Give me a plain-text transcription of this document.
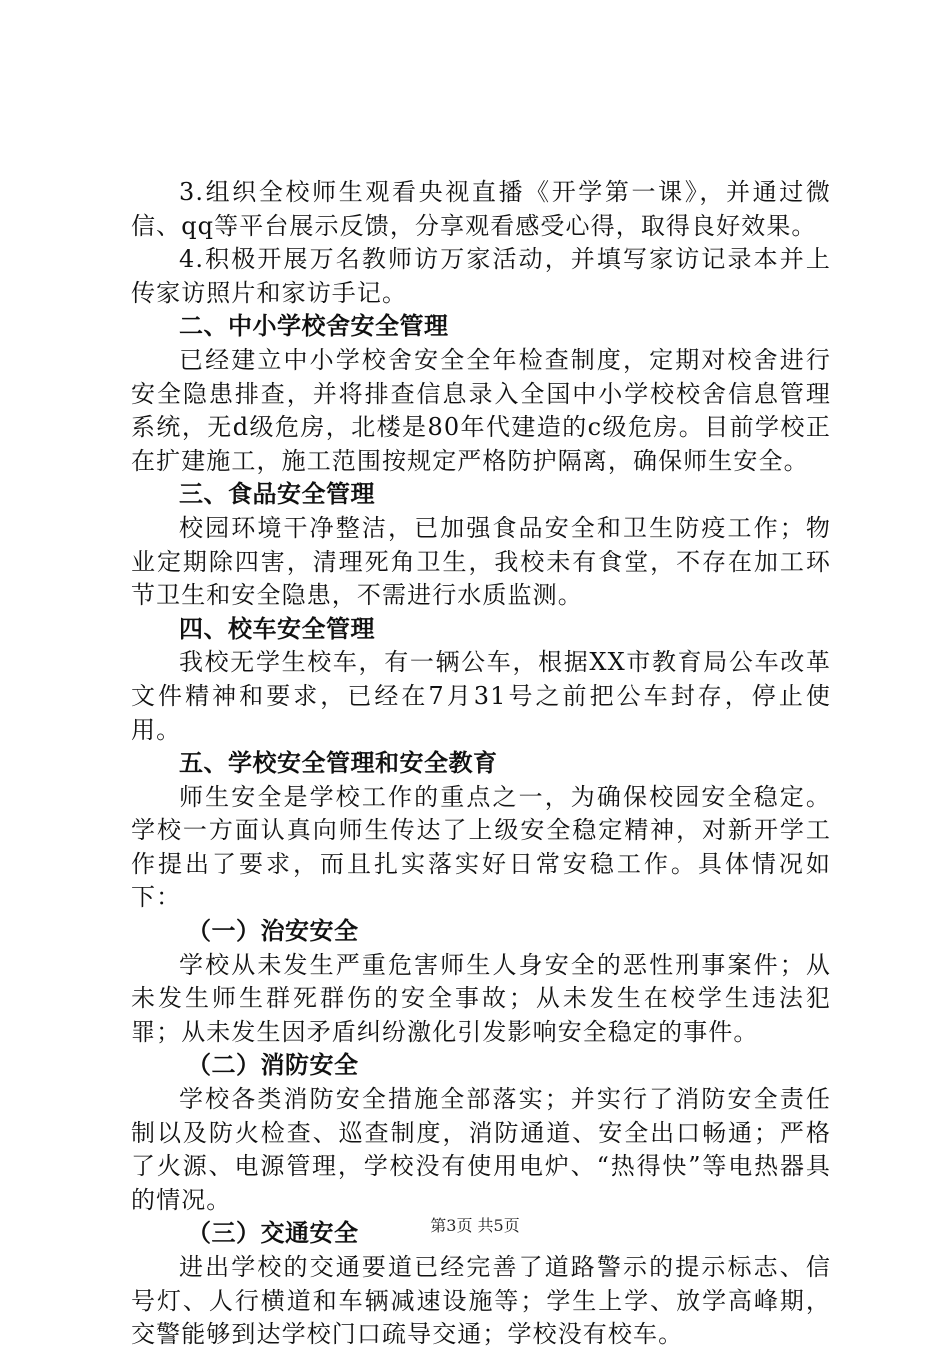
3.组织全校师生观看央视直播《开学第一课》，并通过微信、qq等平台展示反馈，分享观看感受心得，取得良好效果。

4.积极开展万名教师访万家活动，并填写家访记录本并上传家访照片和家访手记。

二、中小学校舍安全管理

已经建立中小学校舍安全全年检查制度，定期对校舍进行安全隐患排查，并将排查信息录入全国中小学校校舍信息管理系统，无d级危房，北楼是80年代建造的c级危房。目前学校正在扩建施工，施工范围按规定严格防护隔离，确保师生安全。

三、食品安全管理

校园环境干净整洁，已加强食品安全和卫生防疫工作；物业定期除四害，清理死角卫生，我校未有食堂，不存在加工环节卫生和安全隐患，不需进行水质监测。

四、校车安全管理

我校无学生校车，有一辆公车，根据XX市教育局公车改革文件精神和要求，已经在7月31号之前把公车封存，停止使用。

五、学校安全管理和安全教育

师生安全是学校工作的重点之一，为确保校园安全稳定。学校一方面认真向师生传达了上级安全稳定精神，对新开学工作提出了要求，而且扎实落实好日常安稳工作。具体情况如下：

（一）治安安全

学校从未发生严重危害师生人身安全的恶性刑事案件；从未发生师生群死群伤的安全事故；从未发生在校学生违法犯罪；从未发生因矛盾纠纷激化引发影响安全稳定的事件。

（二）消防安全

学校各类消防安全措施全部落实；并实行了消防安全责任制以及防火检查、巡查制度，消防通道、安全出口畅通；严格了火源、电源管理，学校没有使用电炉、“热得快”等电热器具的情况。

（三）交通安全

进出学校的交通要道已经完善了道路警示的提示标志、信号灯、人行横道和车辆减速设施等；学生上学、放学高峰期，交警能够到达学校门口疏导交通；学校没有校车。

第3页 共5页
